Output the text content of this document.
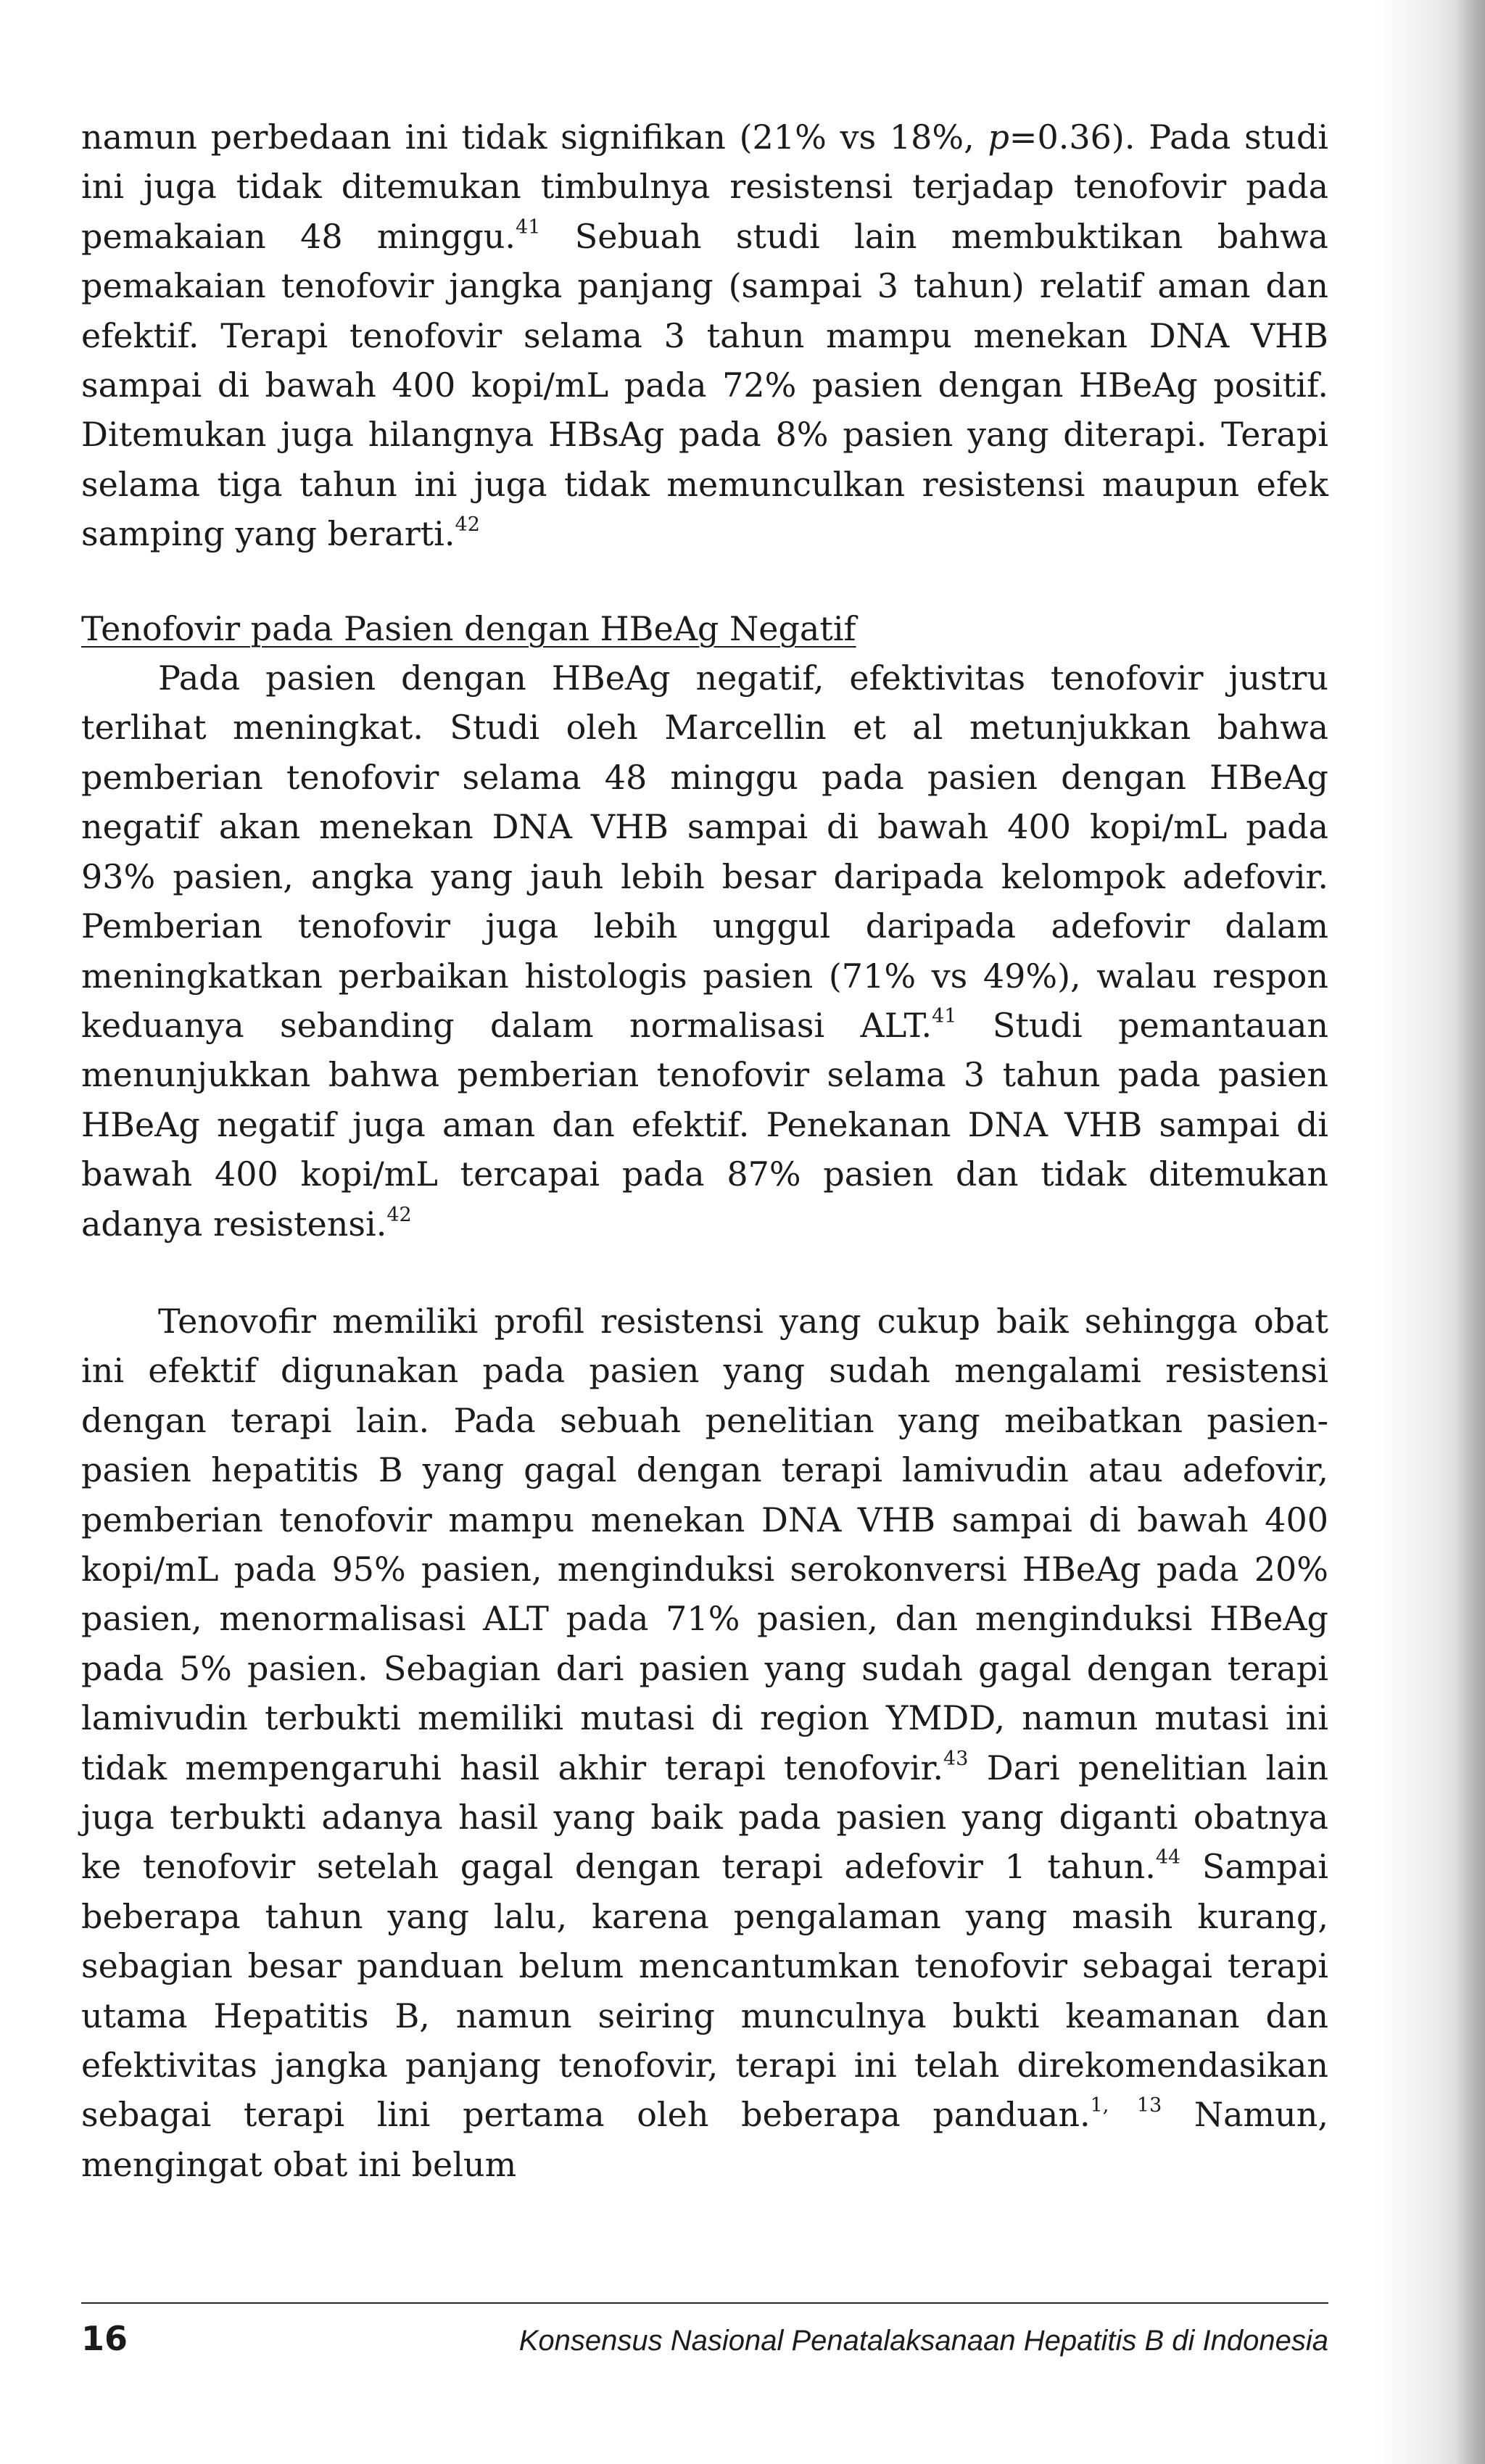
namun perbedaan ini tidak signifikan (21% vs 18%, p=0.36). Pada studi ini juga tidak ditemukan timbulnya resistensi terjadap tenofovir pada pemakaian 48 minggu.$^{41}$ Sebuah studi lain membuktikan bahwa pemakaian tenofovir jangka panjang (sampai 3 tahun) relatif aman dan efektif. Terapi tenofovir selama 3 tahun mampu menekan DNA VHB sampai di bawah 400 kopi/mL pada 72% pasien dengan HBeAg positif. Ditemukan juga hilangnya HBsAg pada 8% pasien yang diterapi. Terapi selama tiga tahun ini juga tidak memunculkan resistensi maupun efek samping yang berarti.$^{42}$

Tenofovir pada Pasien dengan HBeAg Negatif

Pada pasien dengan HBeAg negatif, efektivitas tenofovir justru terlihat meningkat. Studi oleh Marcellin et al metunjukkan bahwa pemberian tenofovir selama 48 minggu pada pasien dengan HBeAg negatif akan menekan DNA VHB sampai di bawah 400 kopi/mL pada 93% pasien, angka yang jauh lebih besar daripada kelompok adefovir. Pemberian tenofovir juga lebih unggul daripada adefovir dalam meningkatkan perbaikan histologis pasien (71% vs 49%), walau respon keduanya sebanding dalam normalisasi ALT.$^{41}$ Studi pemantauan menunjukkan bahwa pemberian tenofovir selama 3 tahun pada pasien HBeAg negatif juga aman dan efektif. Penekanan DNA VHB sampai di bawah 400 kopi/mL tercapai pada 87% pasien dan tidak ditemukan adanya resistensi.$^{42}$

Tenovofir memiliki profil resistensi yang cukup baik sehingga obat ini efektif digunakan pada pasien yang sudah mengalami resistensi dengan terapi lain. Pada sebuah penelitian yang meibatkan pasien-pasien hepatitis B yang gagal dengan terapi lamivudin atau adefovir, pemberian tenofovir mampu menekan DNA VHB sampai di bawah 400 kopi/mL pada 95% pasien, menginduksi serokonversi HBeAg pada 20% pasien, menormalisasi ALT pada 71% pasien, dan menginduksi HBeAg pada 5% pasien. Sebagian dari pasien yang sudah gagal dengan terapi lamivudin terbukti memiliki mutasi di region YMDD, namun mutasi ini tidak mempengaruhi hasil akhir terapi tenofovir.$^{43}$ Dari penelitian lain juga terbukti adanya hasil yang baik pada pasien yang diganti obatnya ke tenofovir setelah gagal dengan terapi adefovir 1 tahun.$^{44}$ Sampai beberapa tahun yang lalu, karena pengalaman yang masih kurang, sebagian besar panduan belum mencantumkan tenofovir sebagai terapi utama Hepatitis B, namun seiring munculnya bukti keamanan dan efektivitas jangka panjang tenofovir, terapi ini telah direkomendasikan sebagai terapi lini pertama oleh beberapa panduan.$^{1, 13}$ Namun, mengingat obat ini belum

16	Konsensus Nasional Penatalaksanaan Hepatitis B di Indonesia
